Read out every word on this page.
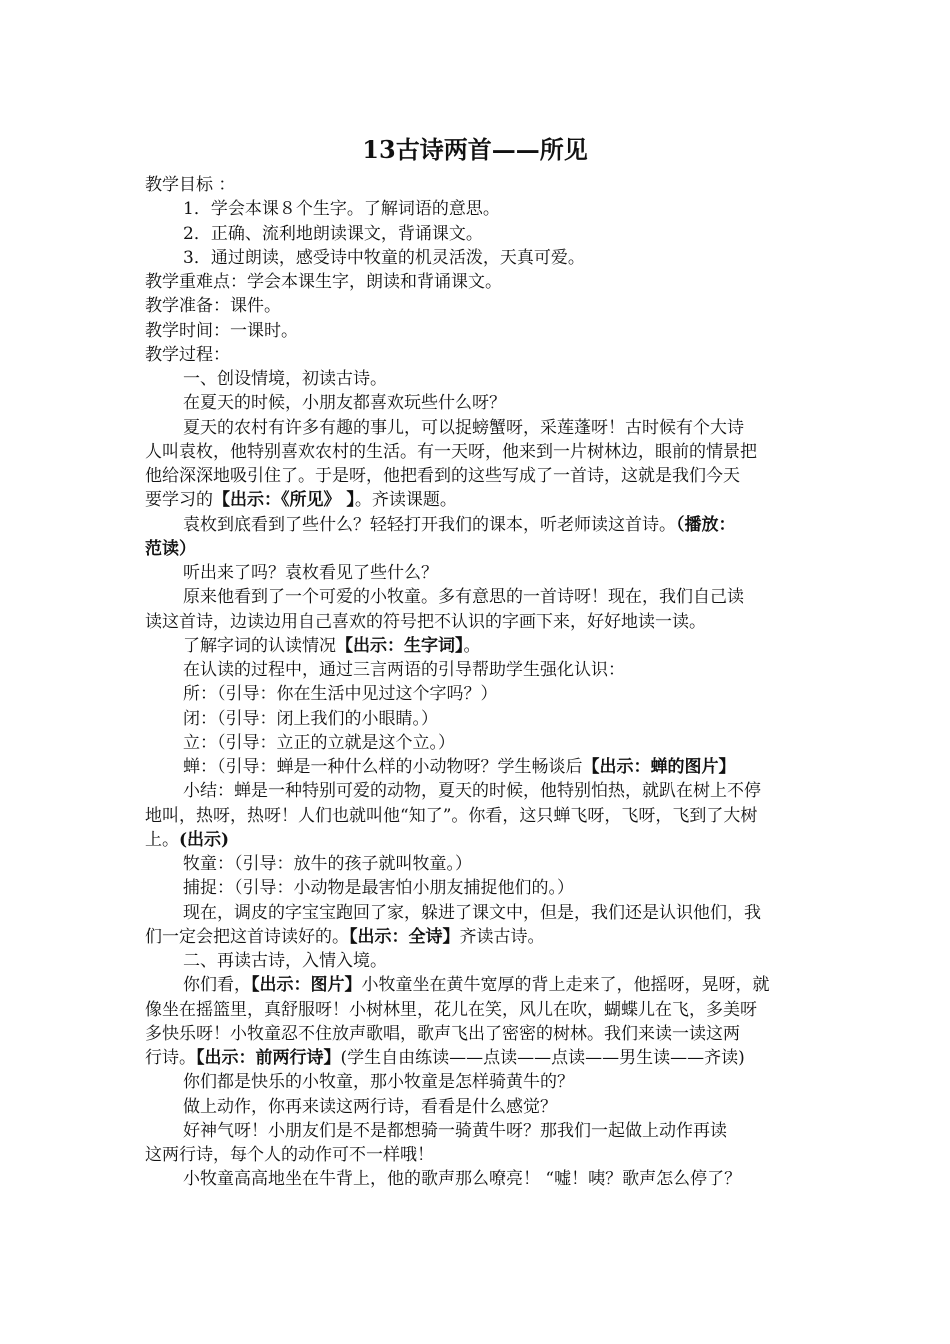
13古诗两首——所见
教学目标 ：
1．学会本课８个生字。了解词语的意思。
2．正确、流利地朗读课文，背诵课文。
3．通过朗读，感受诗中牧童的机灵活泼，天真可爱。
教学重难点：学会本课生字，朗读和背诵课文。
教学准备：课件。
教学时间：一课时。
教学过程：
一、创设情境，初读古诗。
在夏天的时候，小朋友都喜欢玩些什么呀？
夏天的农村有许多有趣的事儿，可以捉螃蟹呀，采莲蓬呀！古时候有个大诗
人叫袁枚，他特别喜欢农村的生活。有一天呀，他来到一片树林边，眼前的情景把
他给深深地吸引住了。于是呀，他把看到的这些写成了一首诗，这就是我们今天
要学习的【出示：《所见》 】。齐读课题。
袁枚到底看到了些什么？轻轻打开我们的课本，听老师读这首诗。（播放：
范读）
听出来了吗？袁枚看见了些什么？
原来他看到了一个可爱的小牧童。多有意思的一首诗呀！现在，我们自己读
读这首诗，边读边用自己喜欢的符号把不认识的字画下来，好好地读一读。
了解字词的认读情况【出示：生字词】。
在认读的过程中，通过三言两语的引导帮助学生强化认识：
所：（引导：你在生活中见过这个字吗？）
闭：（引导：闭上我们的小眼睛。）
立：（引导：立正的立就是这个立。）
蝉：（引导：蝉是一种什么样的小动物呀？学生畅谈后【出示：蝉的图片】
小结：蝉是一种特别可爱的动物，夏天的时候，他特别怕热，就趴在树上不停
地叫，热呀，热呀！人们也就叫他“知了”。你看，这只蝉飞呀，飞呀，飞到了大树
上。(出示)
牧童：（引导：放牛的孩子就叫牧童。）
捕捉：（引导：小动物是最害怕小朋友捕捉他们的。）
现在，调皮的字宝宝跑回了家，躲进了课文中，但是，我们还是认识他们，我
们一定会把这首诗读好的。【出示：全诗】齐读古诗。
二、再读古诗，入情入境。
你们看，【出示：图片】小牧童坐在黄牛宽厚的背上走来了，他摇呀，晃呀，就
像坐在摇篮里，真舒服呀！小树林里，花儿在笑，风儿在吹，蝴蝶儿在飞，多美呀
多快乐呀！小牧童忍不住放声歌唱，歌声飞出了密密的树林。我们来读一读这两
行诗。【出示：前两行诗】(学生自由练读——点读——点读——男生读——齐读)
你们都是快乐的小牧童，那小牧童是怎样骑黄牛的？
做上动作，你再来读这两行诗，看看是什么感觉？
好神气呀！小朋友们是不是都想骑一骑黄牛呀？那我们一起做上动作再读
这两行诗，每个人的动作可不一样哦！
小牧童高高地坐在牛背上，他的歌声那么嘹亮！ “嘘！咦？歌声怎么停了？
